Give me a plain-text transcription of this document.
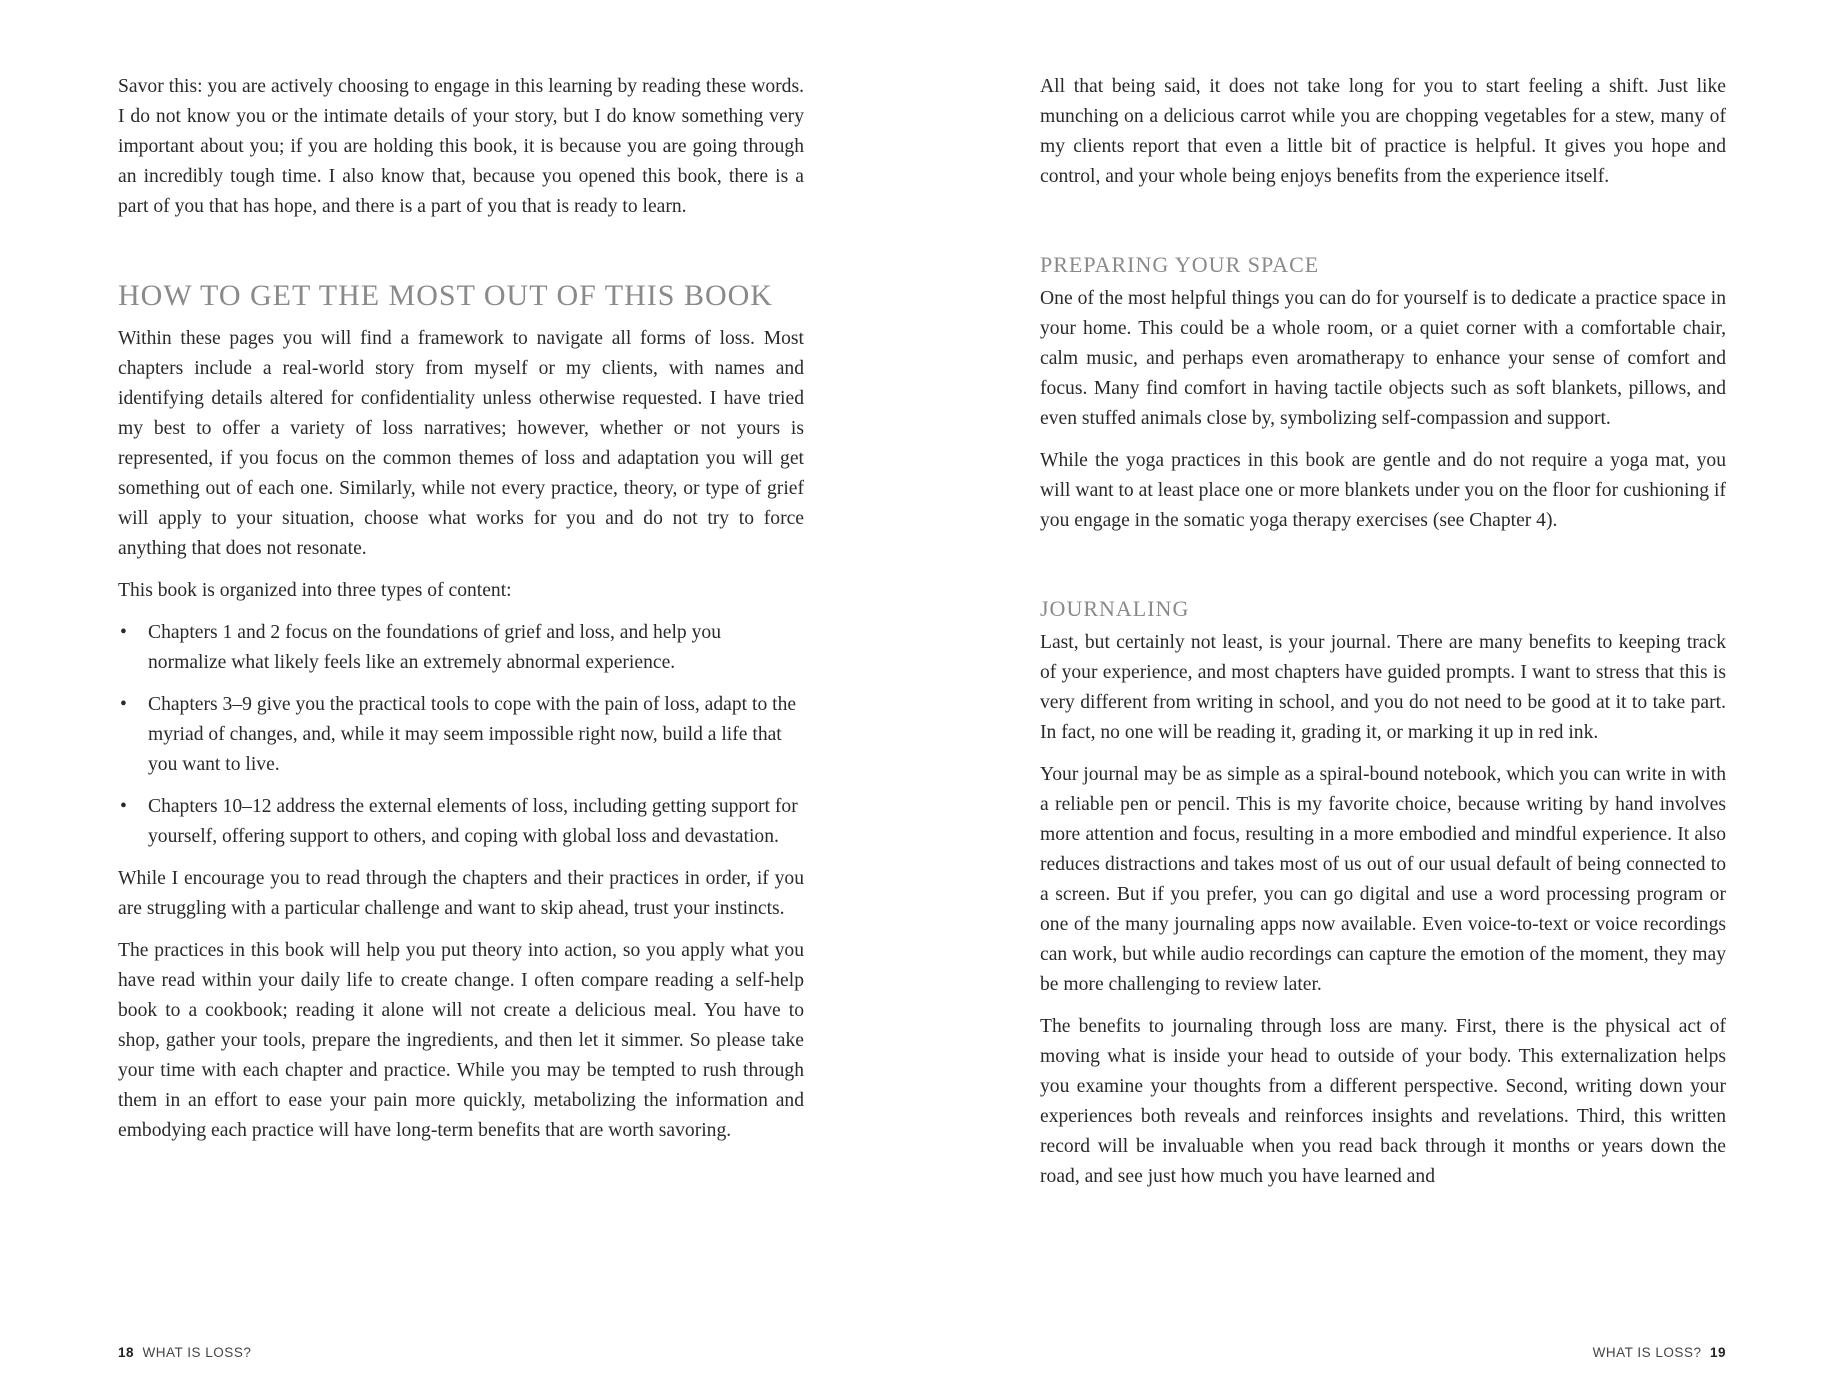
Savor this: you are actively choosing to engage in this learning by reading these words. I do not know you or the intimate details of your story, but I do know something very important about you; if you are holding this book, it is because you are going through an incredibly tough time. I also know that, because you opened this book, there is a part of you that has hope, and there is a part of you that is ready to learn.

HOW TO GET THE MOST OUT OF THIS BOOK

Within these pages you will find a framework to navigate all forms of loss. Most chapters include a real-world story from myself or my clients, with names and identifying details altered for confidentiality unless otherwise requested. I have tried my best to offer a variety of loss narratives; however, whether or not yours is represented, if you focus on the common themes of loss and adaptation you will get something out of each one. Similarly, while not every practice, theory, or type of grief will apply to your situation, choose what works for you and do not try to force anything that does not resonate.

This book is organized into three types of content:

• Chapters 1 and 2 focus on the foundations of grief and loss, and help you normalize what likely feels like an extremely abnormal experience.
• Chapters 3–9 give you the practical tools to cope with the pain of loss, adapt to the myriad of changes, and, while it may seem impossible right now, build a life that you want to live.
• Chapters 10–12 address the external elements of loss, including getting support for yourself, offering support to others, and coping with global loss and devastation.

While I encourage you to read through the chapters and their practices in order, if you are struggling with a particular challenge and want to skip ahead, trust your instincts.

The practices in this book will help you put theory into action, so you apply what you have read within your daily life to create change. I often compare reading a self-help book to a cookbook; reading it alone will not create a delicious meal. You have to shop, gather your tools, prepare the ingredients, and then let it simmer. So please take your time with each chapter and practice. While you may be tempted to rush through them in an effort to ease your pain more quickly, metabolizing the information and embodying each practice will have long-term benefits that are worth savoring.

All that being said, it does not take long for you to start feeling a shift. Just like munching on a delicious carrot while you are chopping vegetables for a stew, many of my clients report that even a little bit of practice is helpful. It gives you hope and control, and your whole being enjoys benefits from the experience itself.

PREPARING YOUR SPACE

One of the most helpful things you can do for yourself is to dedicate a practice space in your home. This could be a whole room, or a quiet corner with a comfortable chair, calm music, and perhaps even aromatherapy to enhance your sense of comfort and focus. Many find comfort in having tactile objects such as soft blankets, pillows, and even stuffed animals close by, symbolizing self-compassion and support.

While the yoga practices in this book are gentle and do not require a yoga mat, you will want to at least place one or more blankets under you on the floor for cushioning if you engage in the somatic yoga therapy exercises (see Chapter 4).

JOURNALING

Last, but certainly not least, is your journal. There are many benefits to keeping track of your experience, and most chapters have guided prompts. I want to stress that this is very different from writing in school, and you do not need to be good at it to take part. In fact, no one will be reading it, grading it, or marking it up in red ink.

Your journal may be as simple as a spiral-bound notebook, which you can write in with a reliable pen or pencil. This is my favorite choice, because writing by hand involves more attention and focus, resulting in a more embodied and mindful experience. It also reduces distractions and takes most of us out of our usual default of being connected to a screen. But if you prefer, you can go digital and use a word processing program or one of the many journaling apps now available. Even voice-to-text or voice recordings can work, but while audio recordings can capture the emotion of the moment, they may be more challenging to review later.

The benefits to journaling through loss are many. First, there is the physical act of moving what is inside your head to outside of your body. This externalization helps you examine your thoughts from a different perspective. Second, writing down your experiences both reveals and reinforces insights and revelations. Third, this written record will be invaluable when you read back through it months or years down the road, and see just how much you have learned and

18 WHAT IS LOSS?	WHAT IS LOSS? 19
